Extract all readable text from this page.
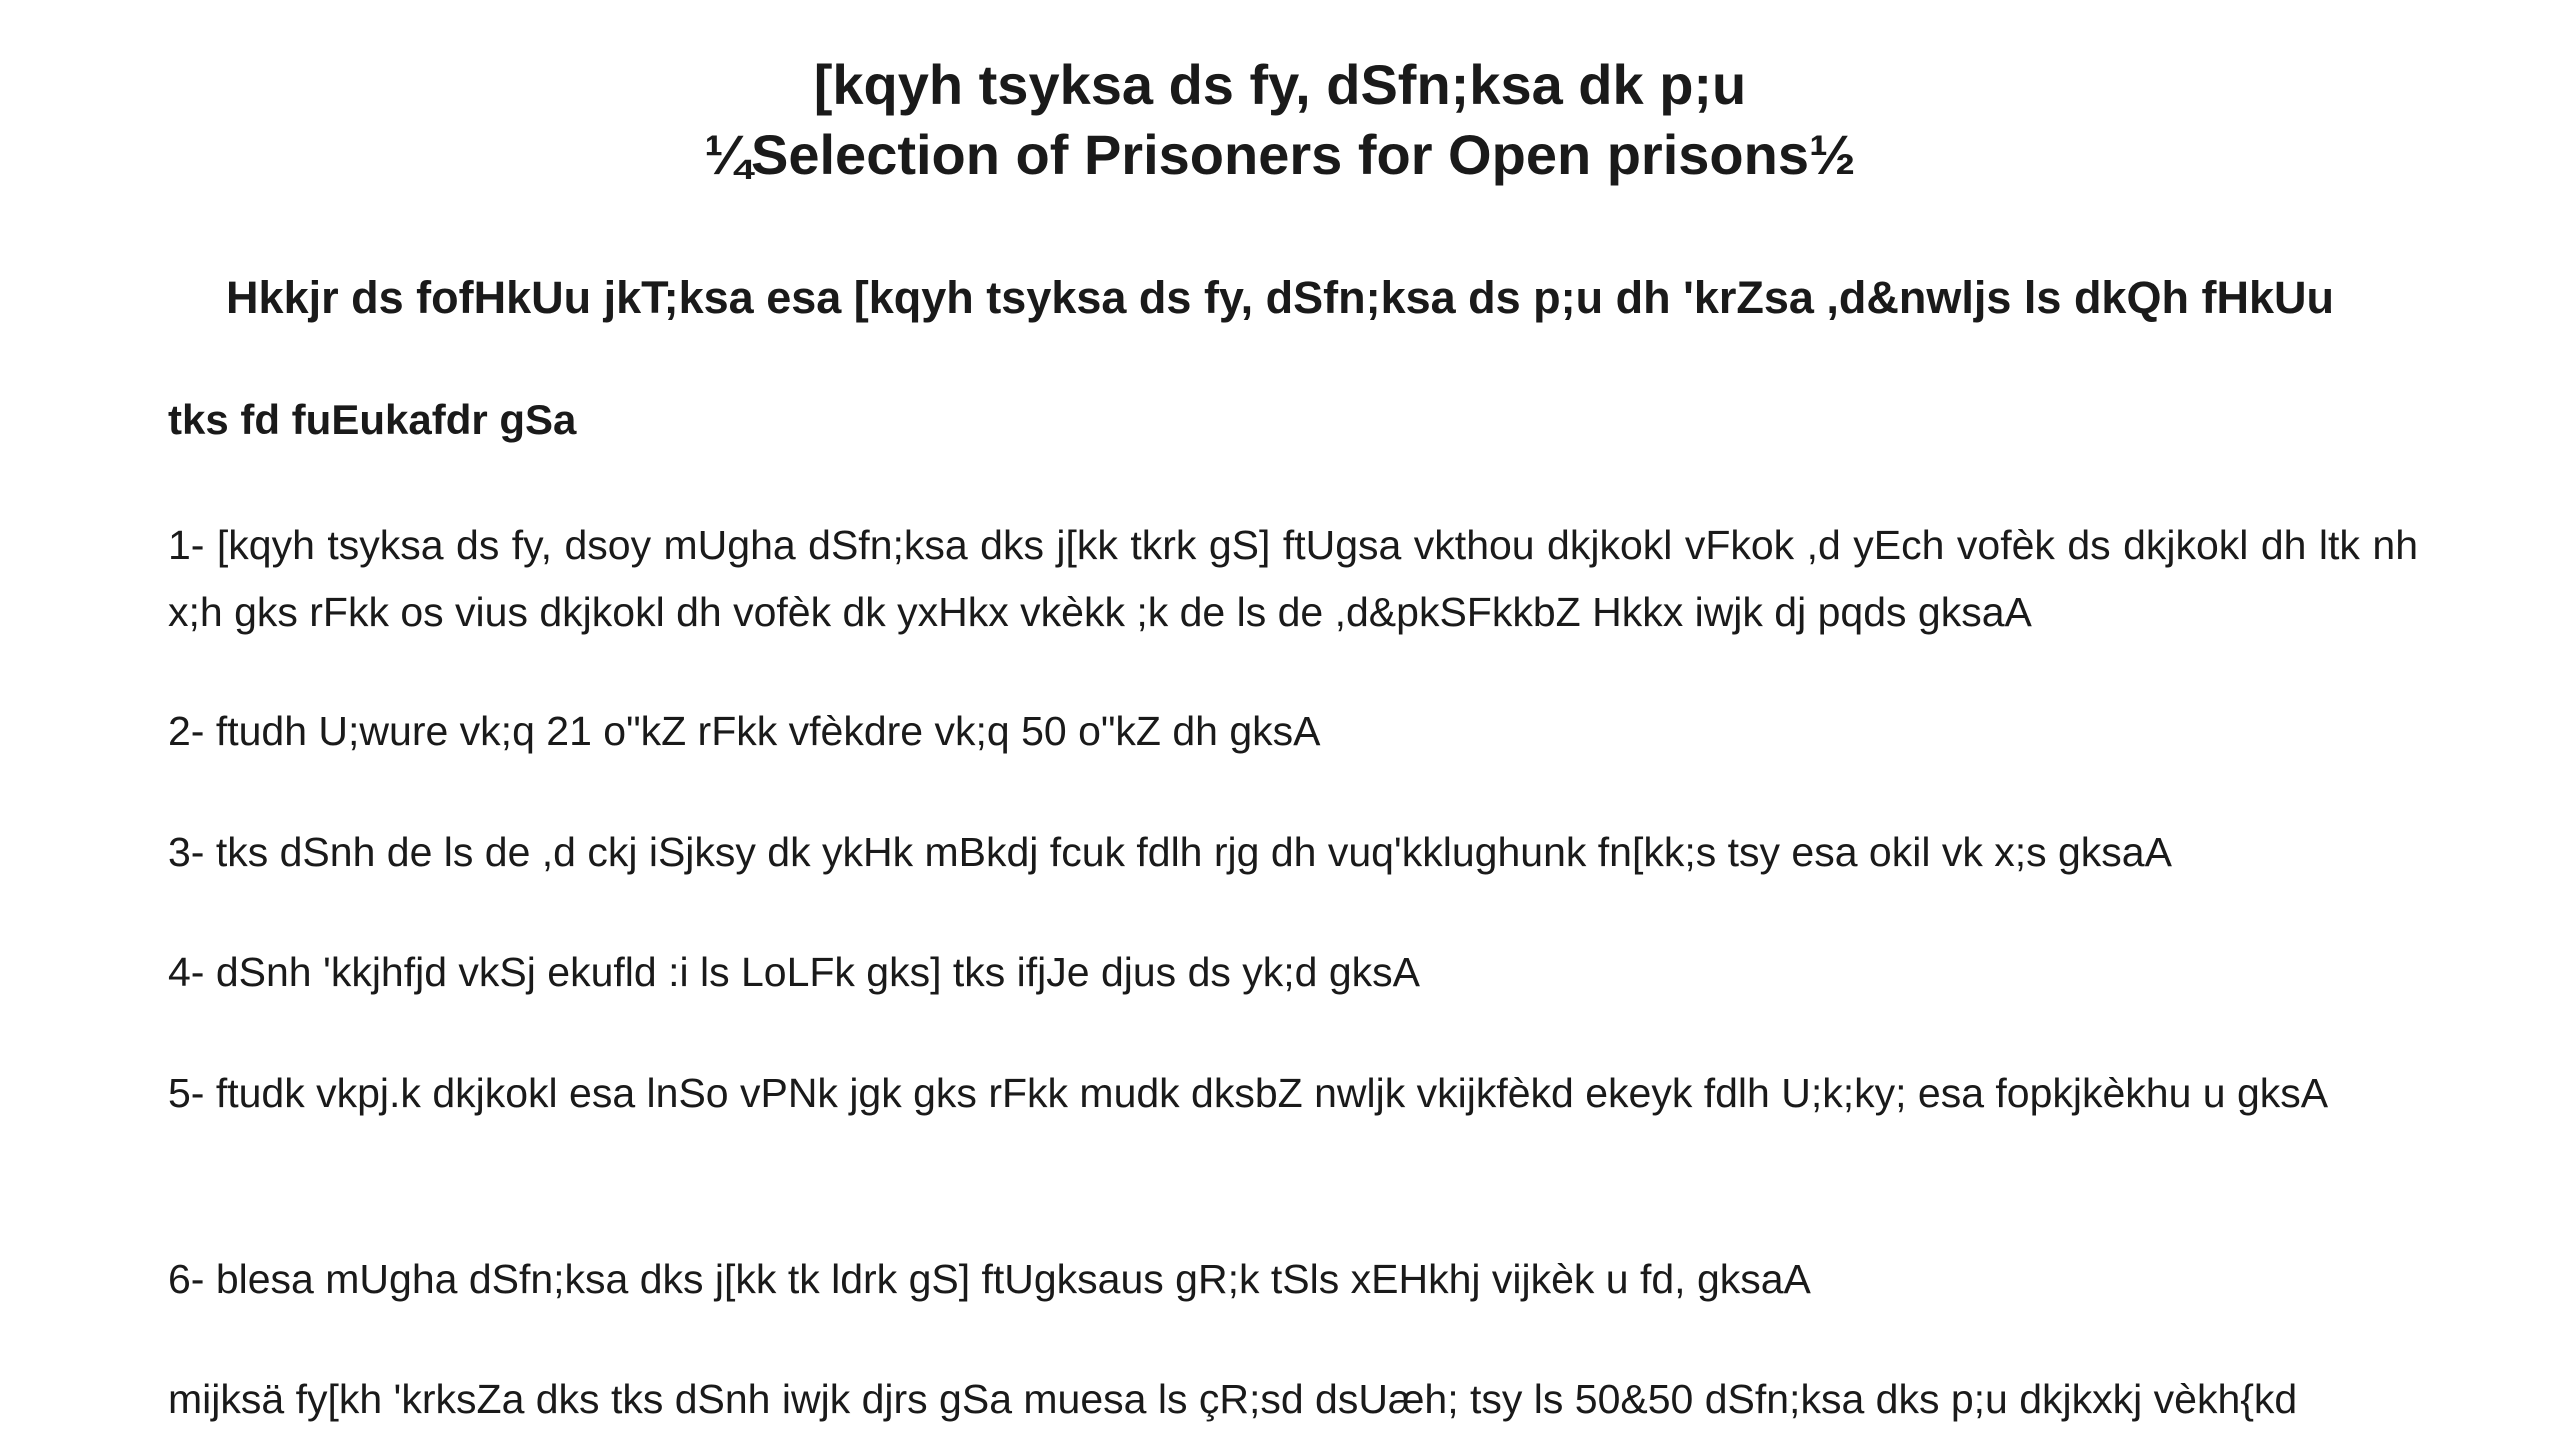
[kqyh tsyksa ds fy, dSfn;ksa dk p;u
¼Selection of Prisoners for Open prisons½
Hkkjr ds fofHkUu jkT;ksa esa [kqyh tsyksa ds fy, dSfn;ksa ds p;u dh 'krZsa ,d&nwljs ls dkQh fHkUu
tks fd fuEukafdr gSa
1- [kqyh tsyksa ds fy, dsoy mUgha dSfn;ksa dks j[kk tkrk gS] ftUgsa vkthou dkjkokl vFkok ,d yEch vofèk ds dkjkokl dh ltk nh x;h gks rFkk os vius dkjkokl dh vofèk dk yxHkx vkèkk ;k de ls de ,d&pkSFkkbZ Hkkx iwjk dj pqds gksaA
2- ftudh U;wure vk;q 21 o"kZ rFkk vfèkdre vk;q 50 o"kZ dh gksA
3- tks dSnh de ls de ,d ckj iSjksy dk ykHk mBkdj fcuk fdlh rjg dh vuq'kklughunk fn[kk;s tsy esa okil vk x;s gksaA
4- dSnh 'kkjhfjd vkSj ekufld :i ls LoLFk gks] tks ifjJe djus ds yk;d gksA
5- ftudk vkpj.k dkjkokl esa lnSo vPNk jgk gks rFkk mudk dksbZ nwljk vkijkfèkd ekeyk fdlh U;k;ky; esa fopkjkèkhu u gksA
6- blesa mUgha dSfn;ksa dks j[kk tk ldrk gS] ftUgksaus gR;k tSls xEHkhj vijkèk u fd, gksaA
mijksä fy[kh 'krksZa dks tks dSnh iwjk djrs gSa muesa ls çR;sd dsUæh; tsy ls 50&50 dSfn;ksa dks p;u dkjkxkj vèkh{kd
